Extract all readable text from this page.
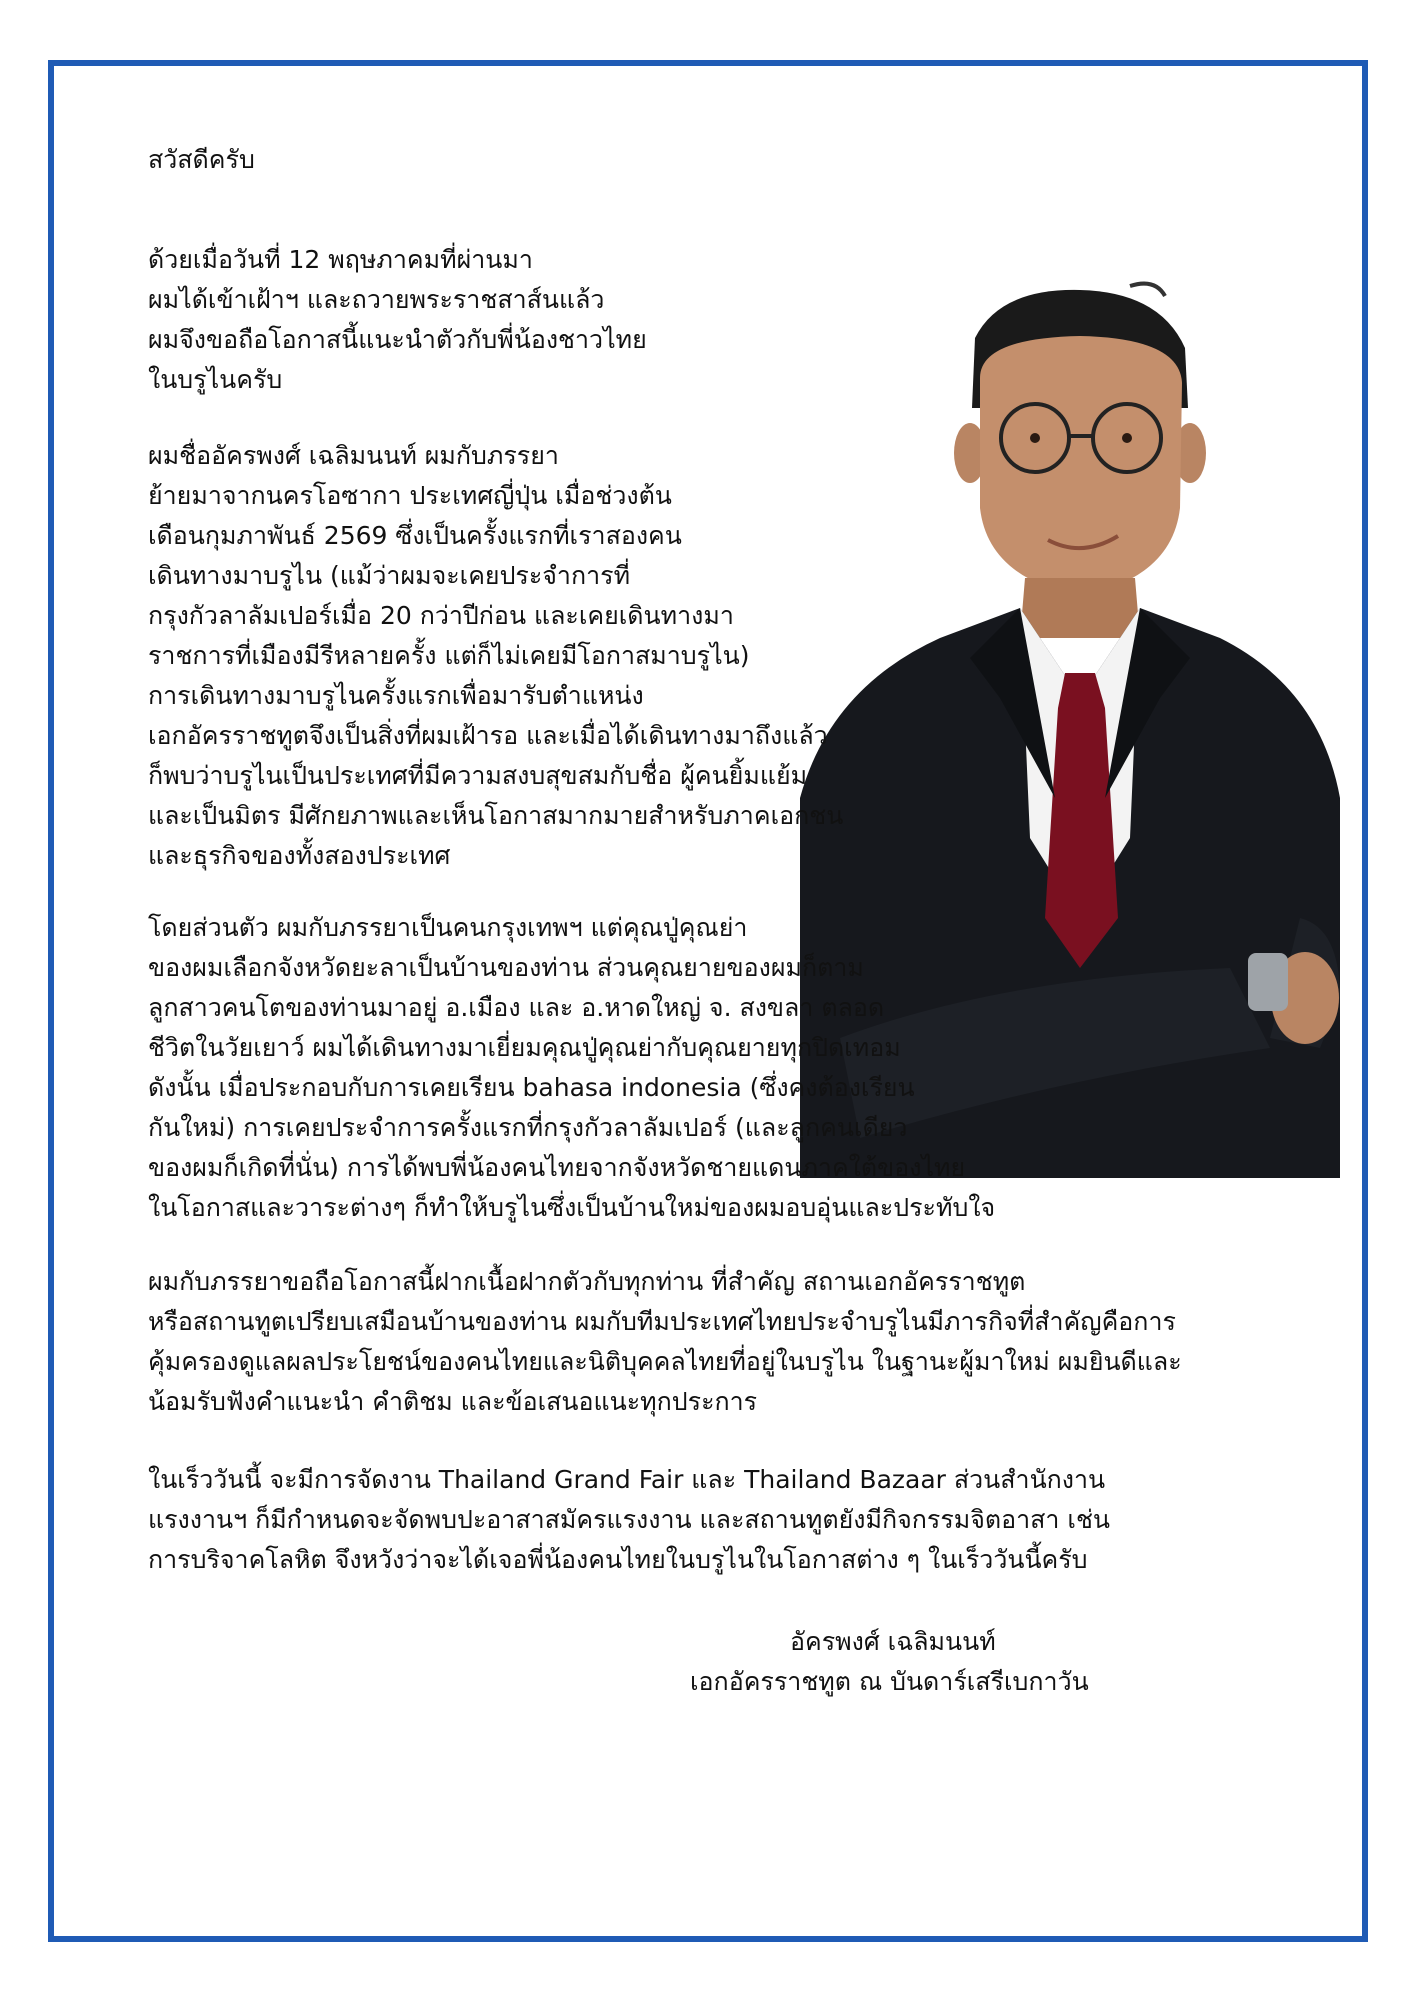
สวัสดีครับ

ด้วยเมื่อวันที่ 12 พฤษภาคมที่ผ่านมา
ผมได้เข้าเฝ้าฯ และถวายพระราชสาส์นแล้ว
ผมจึงขอถือโอกาสนี้แนะนำตัวกับพี่น้องชาวไทย
ในบรูไนครับ

ผมชื่ออัครพงศ์ เฉลิมนนท์ ผมกับภรรยา
ย้ายมาจากนครโอซากา ประเทศญี่ปุ่น เมื่อช่วงต้น
เดือนกุมภาพันธ์ 2569 ซึ่งเป็นครั้งแรกที่เราสองคน
เดินทางมาบรูไน (แม้ว่าผมจะเคยประจำการที่
กรุงกัวลาลัมเปอร์เมื่อ 20 กว่าปีก่อน และเคยเดินทางมา
ราชการที่เมืองมีรีหลายครั้ง แต่ก็ไม่เคยมีโอกาสมาบรูไน)
การเดินทางมาบรูไนครั้งแรกเพื่อมารับตำแหน่ง
เอกอัครราชทูตจึงเป็นสิ่งที่ผมเฝ้ารอ และเมื่อได้เดินทางมาถึงแล้ว
ก็พบว่าบรูไนเป็นประเทศที่มีความสงบสุขสมกับชื่อ ผู้คนยิ้มแย้ม
และเป็นมิตร มีศักยภาพและเห็นโอกาสมากมายสำหรับภาคเอกชน
และธุรกิจของทั้งสองประเทศ

โดยส่วนตัว ผมกับภรรยาเป็นคนกรุงเทพฯ แต่คุณปู่คุณย่า
ของผมเลือกจังหวัดยะลาเป็นบ้านของท่าน ส่วนคุณยายของผมก็ตาม
ลูกสาวคนโตของท่านมาอยู่ อ.เมือง และ อ.หาดใหญ่ จ. สงขลา ตลอด
ชีวิตในวัยเยาว์ ผมได้เดินทางมาเยี่ยมคุณปู่คุณย่ากับคุณยายทุกปิดเทอม
ดังนั้น เมื่อประกอบกับการเคยเรียน bahasa indonesia (ซึ่งคงต้องเรียน
กันใหม่) การเคยประจำการครั้งแรกที่กรุงกัวลาลัมเปอร์ (และลูกคนเดียว
ของผมก็เกิดที่นั่น) การได้พบพี่น้องคนไทยจากจังหวัดชายแดนภาคใต้ของไทย
ในโอกาสและวาระต่างๆ ก็ทำให้บรูไนซึ่งเป็นบ้านใหม่ของผมอบอุ่นและประทับใจ

ผมกับภรรยาขอถือโอกาสนี้ฝากเนื้อฝากตัวกับทุกท่าน ที่สำคัญ สถานเอกอัครราชทูต
หรือสถานทูตเปรียบเสมือนบ้านของท่าน ผมกับทีมประเทศไทยประจำบรูไนมีภารกิจที่สำคัญคือการ
คุ้มครองดูแลผลประโยชน์ของคนไทยและนิติบุคคลไทยที่อยู่ในบรูไน ในฐานะผู้มาใหม่ ผมยินดีและ
น้อมรับฟังคำแนะนำ คำติชม และข้อเสนอแนะทุกประการ

ในเร็ววันนี้ จะมีการจัดงาน Thailand Grand Fair และ Thailand Bazaar ส่วนสำนักงาน
แรงงานฯ ก็มีกำหนดจะจัดพบปะอาสาสมัครแรงงาน และสถานทูตยังมีกิจกรรมจิตอาสา เช่น
การบริจาคโลหิต จึงหวังว่าจะได้เจอพี่น้องคนไทยในบรูไนในโอกาสต่าง ๆ ในเร็ววันนี้ครับ

อัครพงศ์ เฉลิมนนท์

เอกอัครราชทูต ณ บันดาร์เสรีเบกาวัน
